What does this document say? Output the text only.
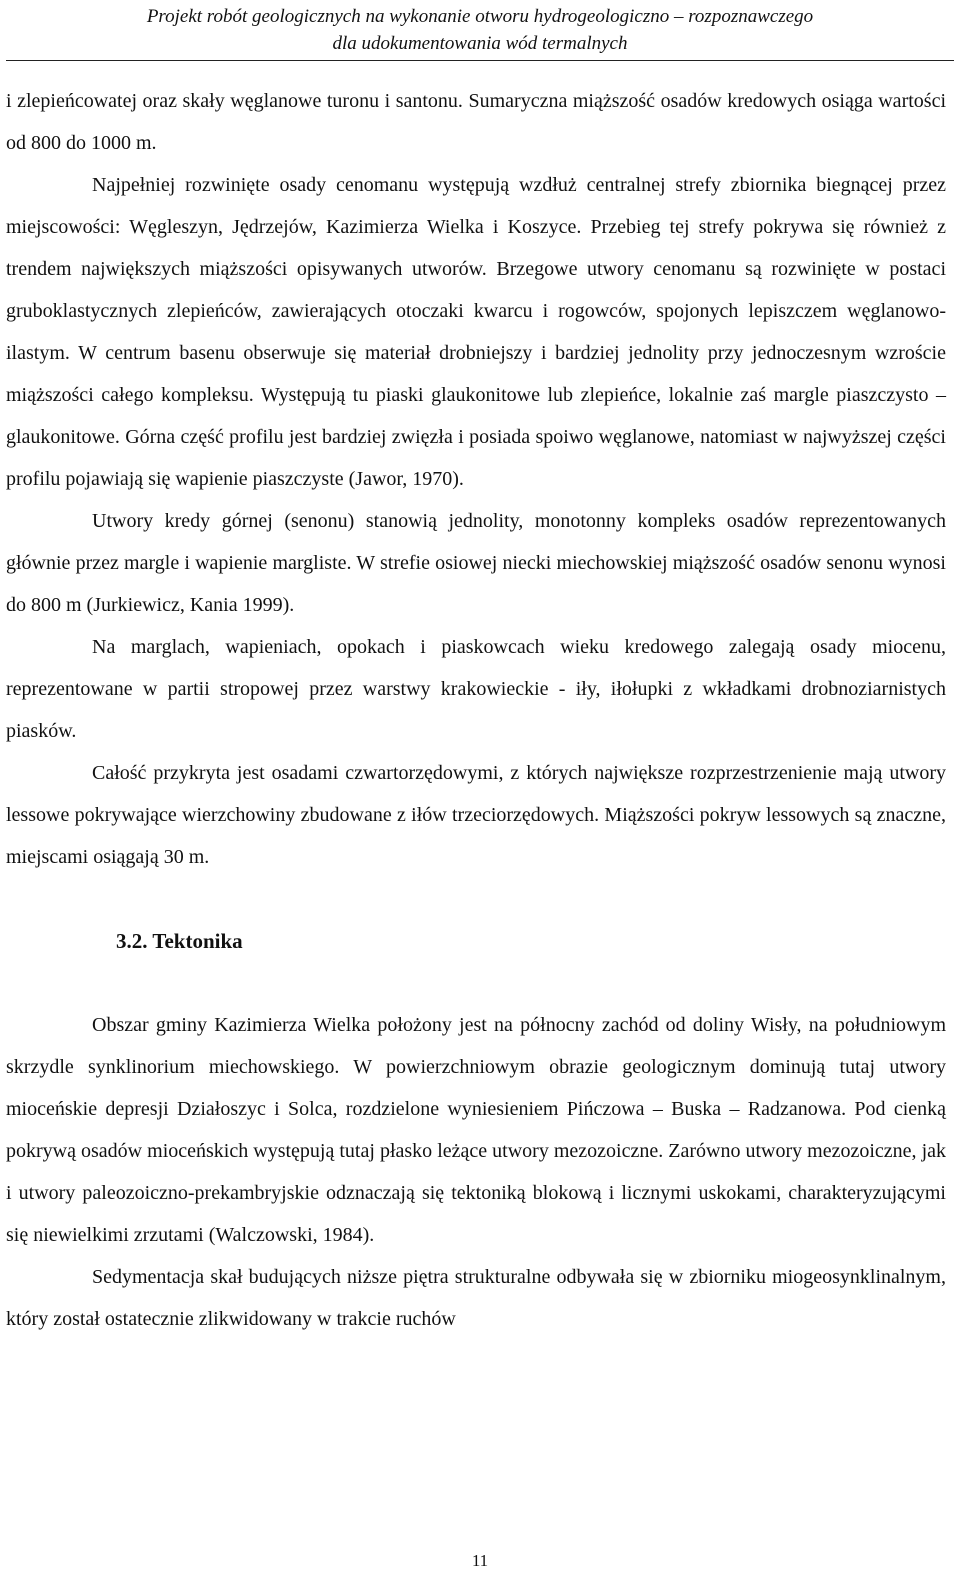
Projekt robót geologicznych na wykonanie otworu hydrogeologiczno – rozpoznawczego
dla udokumentowania wód termalnych

i zlepieńcowatej oraz skały węglanowe turonu i santonu. Sumaryczna miąższość osadów kredowych osiąga wartości od 800 do 1000 m.

Najpełniej rozwinięte osady cenomanu występują wzdłuż centralnej strefy zbiornika biegnącej przez miejscowości: Węgleszyn, Jędrzejów, Kazimierza Wielka i Koszyce. Przebieg tej strefy pokrywa się również z trendem największych miąższości opisywanych utworów. Brzegowe utwory cenomanu są rozwinięte w postaci gruboklastycznych zlepieńców, zawierających otoczaki kwarcu i rogowców, spojonych lepiszczem węglanowo-ilastym. W centrum basenu obserwuje się materiał drobniejszy i bardziej jednolity przy jednoczesnym wzroście miąższości całego kompleksu. Występują tu piaski glaukonitowe lub zlepieńce, lokalnie zaś margle piaszczysto – glaukonitowe. Górna część profilu jest bardziej zwięzła i posiada spoiwo węglanowe, natomiast w najwyższej części profilu pojawiają się wapienie piaszczyste (Jawor, 1970).

Utwory kredy górnej (senonu) stanowią jednolity, monotonny kompleks osadów reprezentowanych głównie przez margle i wapienie margliste. W strefie osiowej niecki miechowskiej miąższość osadów senonu wynosi do 800 m (Jurkiewicz, Kania 1999).

Na marglach, wapieniach, opokach i piaskowcach wieku kredowego zalegają osady miocenu, reprezentowane w partii stropowej przez warstwy krakowieckie - iły, iłołupki z wkładkami drobnoziarnistych piasków.

Całość przykryta jest osadami czwartorzędowymi, z których największe rozprzestrzenienie mają utwory lessowe pokrywające wierzchowiny zbudowane z iłów trzeciorzędowych. Miąższości pokryw lessowych są znaczne, miejscami osiągają 30 m.

3.2. Tektonika

Obszar gminy Kazimierza Wielka położony jest na północny zachód od doliny Wisły, na południowym skrzydle synklinorium miechowskiego. W powierzchniowym obrazie geologicznym dominują tutaj utwory mioceńskie depresji Działoszyc i Solca, rozdzielone wyniesieniem Pińczowa – Buska – Radzanowa. Pod cienką pokrywą osadów mioceńskich występują tutaj płasko leżące utwory mezozoiczne. Zarówno utwory mezozoiczne, jak i utwory paleozoiczno-prekambryjskie odznaczają się tektoniką blokową i licznymi uskokami, charakteryzującymi się niewielkimi zrzutami (Walczowski, 1984).

Sedymentacja skał budujących niższe piętra strukturalne odbywała się w zbiorniku miogeosynklinalnym, który został ostatecznie zlikwidowany w trakcie ruchów

11
